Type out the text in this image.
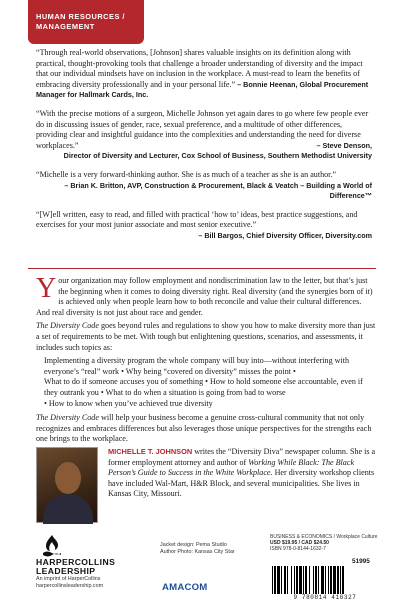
HUMAN RESOURCES /
MANAGEMENT
“Through real-world observations, [Johnson] shares valuable insights on its definition along with practical, thought-provoking tools that challenge a broader understanding of diversity and the impact that our individual mindsets have on inclusion in the workplace. A must-read to learn the benefits of embracing diversity professionally and in your personal life.” – Bonnie Heenan, Global Procurement Manager for Hallmark Cards, Inc.
“With the precise motions of a surgeon, Michelle Johnson yet again dares to go where few people ever do in discussing issues of gender, race, sexual preference, and a multitude of other differences, providing clear and insightful guidance into the complexities and understanding the need for diverse workplaces.”	– Steve Denson,
Director of Diversity and Lecturer, Cox School of Business, Southern Methodist University
“Michelle is a very forward-thinking author. She is as much of a teacher as she is an author.”
– Brian K. Britton, AVP, Construction & Procurement, Black & Veatch – Building a World of Difference™
“[W]ell written, easy to read, and filled with practical ‘how to’ ideas, best practice suggestions, and exercises for your most junior associate and most senior executive.”
– Bill Bargos, Chief Diversity Officer, Diversity.com

Your organization may follow employment and nondiscrimination law to the letter, but that’s just the beginning when it comes to doing diversity right. Real diversity (and the synergies born of it) is achieved only when people learn how to both reconcile and value their cultural differences. And real diversity is not just about race and gender.

The Diversity Code goes beyond rules and regulations to show you how to make diversity more than just a set of requirements to be met. With tough but enlightening questions, scenarios, and assessments, it includes such topics as:

Implementing a diversity program the whole company will buy into—without interfering with everyone’s “real” work • Why being “covered on diversity” misses the point •
What to do if someone accuses you of something • How to hold someone else accountable, even if they outrank you • What to do when a situation is going from bad to worse
• How to know when you’ve achieved true diversity

The Diversity Code will help your business become a genuine cross-cultural community that not only recognizes and embraces differences but also leverages those unique perspectives for the strengths each one brings to the workplace.

MICHELLE T. JOHNSON writes the “Diversity Diva” newspaper column. She is a former employment attorney and author of Working While Black: The Black Person’s Guide to Success in the White Workplace. Her diversity workshop clients have included Wal-Mart, H&R Block, and several municipalities. She lives in Kansas City, Missouri.
HARPERCOLLINS
LEADERSHIP
An imprint of HarperCollins
harpercollinsleadership.com
Jacket design: Pema Studio
Author Photo: Kansas City Star
AMACOM
BUSINESS & ECONOMICS / Workplace Culture
USD $19.95 / CAD $24.50
ISBN 978-0-8144-1632-7
51995
9 780814 416327
